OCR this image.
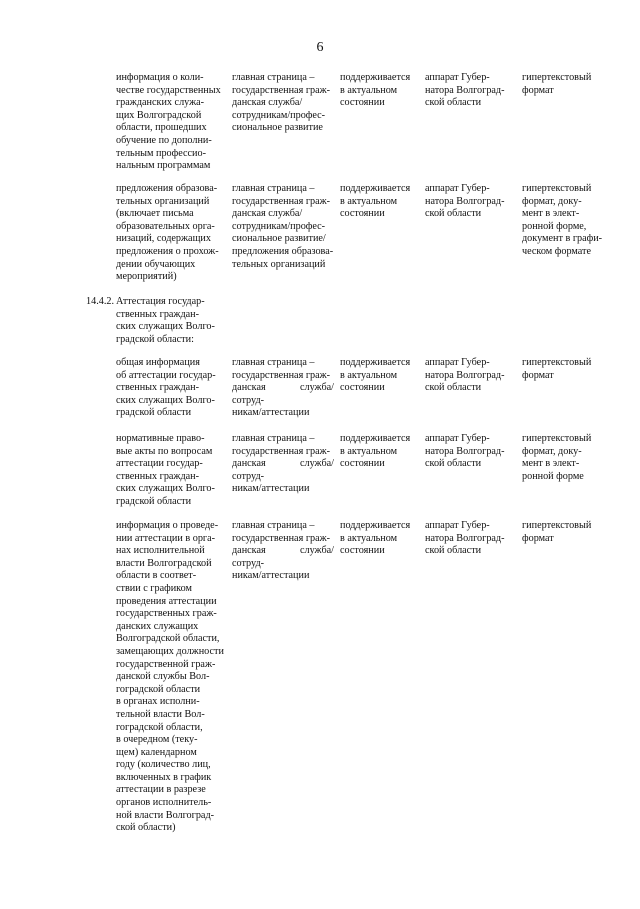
6
информация о коли-
честве государственных
гражданских служа-
щих Волгоградской
области, прошедших
обучение по дополни-
тельным профессио-
нальным программам
главная страница –
государственная граж-
данская служба/
сотрудникам/профес-
сиональное развитие
поддерживается
в актуальном
состоянии
аппарат Губер-
натора Волгоград-
ской области
гипертекстовый
формат
предложения образова-
тельных организаций
(включает письма
образовательных орга-
низаций, содержащих
предложения о прохож-
дении обучающих
мероприятий)
главная страница –
государственная граж-
данская служба/
сотрудникам/профес-
сиональное развитие/
предложения образова-
тельных организаций
поддерживается
в актуальном
состоянии
аппарат Губер-
натора Волгоград-
ской области
гипертекстовый
формат, доку-
мент в элект-
ронной форме,
документ в графи-
ческом формате
14.4.2. Аттестация государ-
ственных граждан-
ских служащих Волго-
градской области:
общая информация
об аттестации государ-
ственных граждан-
ских служащих Волго-
градской области
главная страница –
государственная граж-
данская служба/сотруд-
никам/аттестации
поддерживается
в актуальном
состоянии
аппарат Губер-
натора Волгоград-
ской области
гипертекстовый
формат
нормативные право-
вые акты по вопросам
аттестации государ-
ственных граждан-
ских служащих Волго-
градской области
главная страница –
государственная граж-
данская служба/сотруд-
никам/аттестации
поддерживается
в актуальном
состоянии
аппарат Губер-
натора Волгоград-
ской области
гипертекстовый
формат, доку-
мент в элект-
ронной форме
информация о проведе-
нии аттестации в орга-
нах исполнительной
власти Волгоградской
области в соответ-
ствии с графиком
проведения аттестации
государственных граж-
данских служащих
Волгоградской области,
замещающих должности
государственной граж-
данской службы Вол-
гоградской области
в органах исполни-
тельной власти Вол-
гоградской области,
в очередном (теку-
щем) календарном
году (количество лиц,
включенных в график
аттестации в разрезе
органов исполнитель-
ной власти Волгоград-
ской области)
главная страница –
государственная граж-
данская служба/сотруд-
никам/аттестации
поддерживается
в актуальном
состоянии
аппарат Губер-
натора Волгоград-
ской области
гипертекстовый
формат
